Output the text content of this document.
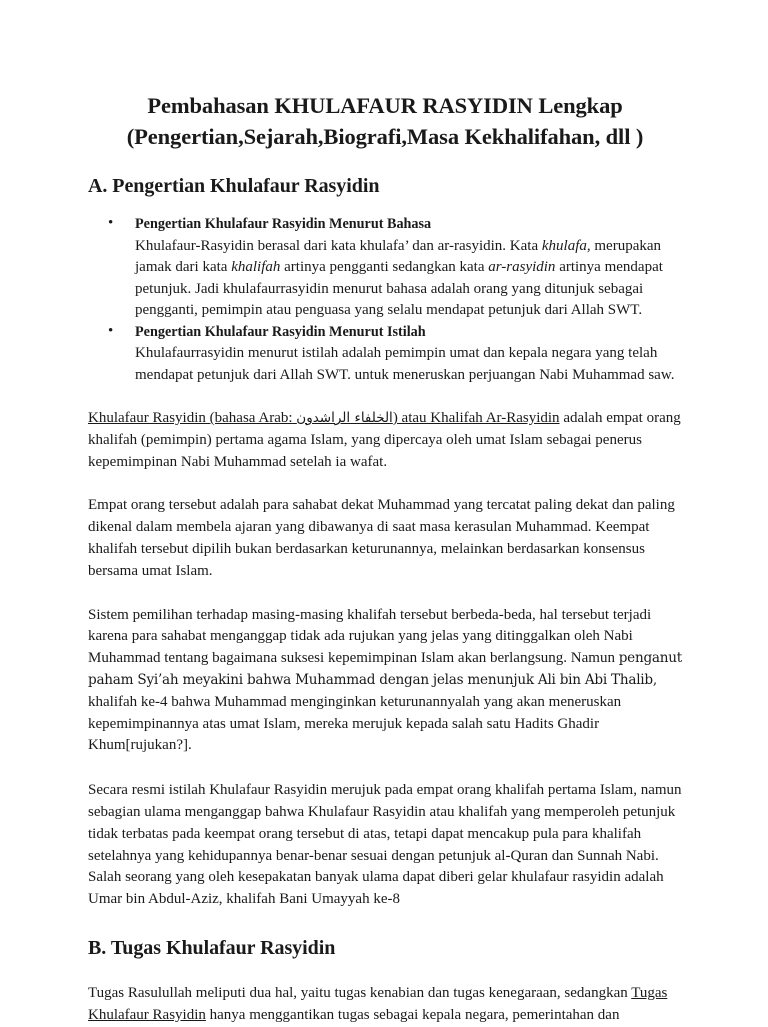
Pembahasan KHULAFAUR RASYIDIN Lengkap
(Pengertian,Sejarah,Biografi,Masa Kekhalifahan, dll )
A. Pengertian Khulafaur Rasyidin
• Pengertian Khulafaur Rasyidin Menurut Bahasa
Khulafaur-Rasyidin berasal dari kata khulafa’ dan ar-rasyidin. Kata khulafa, merupakan jamak dari kata khalifah artinya pengganti sedangkan kata ar-rasyidin artinya mendapat petunjuk. Jadi khulafaurrasyidin menurut bahasa adalah orang yang ditunjuk sebagai pengganti, pemimpin atau penguasa yang selalu mendapat petunjuk dari Allah SWT.
• Pengertian Khulafaur Rasyidin Menurut Istilah
Khulafaurrasyidin menurut istilah adalah pemimpin umat dan kepala negara yang telah mendapat petunjuk dari Allah SWT. untuk meneruskan perjuangan Nabi Muhammad saw.

Khulafaur Rasyidin (bahasa Arab: الخلفاء الراشدون) atau Khalifah Ar-Rasyidin adalah empat orang khalifah (pemimpin) pertama agama Islam, yang dipercaya oleh umat Islam sebagai penerus kepemimpinan Nabi Muhammad setelah ia wafat.

Empat orang tersebut adalah para sahabat dekat Muhammad yang tercatat paling dekat dan paling dikenal dalam membela ajaran yang dibawanya di saat masa kerasulan Muhammad. Keempat khalifah tersebut dipilih bukan berdasarkan keturunannya, melainkan berdasarkan konsensus bersama umat Islam.

Sistem pemilihan terhadap masing-masing khalifah tersebut berbeda-beda, hal tersebut terjadi karena para sahabat menganggap tidak ada rujukan yang jelas yang ditinggalkan oleh Nabi Muhammad tentang bagaimana suksesi kepemimpinan Islam akan berlangsung. Namun penganut paham Syi’ah meyakini bahwa Muhammad dengan jelas menunjuk Ali bin Abi Thalib, khalifah ke-4 bahwa Muhammad menginginkan keturunannyalah yang akan meneruskan kepemimpinannya atas umat Islam, mereka merujuk kepada salah satu Hadits Ghadir Khum[rujukan?].

Secara resmi istilah Khulafaur Rasyidin merujuk pada empat orang khalifah pertama Islam, namun sebagian ulama menganggap bahwa Khulafaur Rasyidin atau khalifah yang memperoleh petunjuk tidak terbatas pada keempat orang tersebut di atas, tetapi dapat mencakup pula para khalifah setelahnya yang kehidupannya benar-benar sesuai dengan petunjuk al-Quran dan Sunnah Nabi. Salah seorang yang oleh kesepakatan banyak ulama dapat diberi gelar khulafaur rasyidin adalah Umar bin Abdul-Aziz, khalifah Bani Umayyah ke-8

B. Tugas Khulafaur Rasyidin

Tugas Rasulullah meliputi dua hal, yaitu tugas kenabian dan tugas kenegaraan, sedangkan Tugas Khulafaur Rasyidin hanya menggantikan tugas sebagai kepala negara, pemerintahan dan
